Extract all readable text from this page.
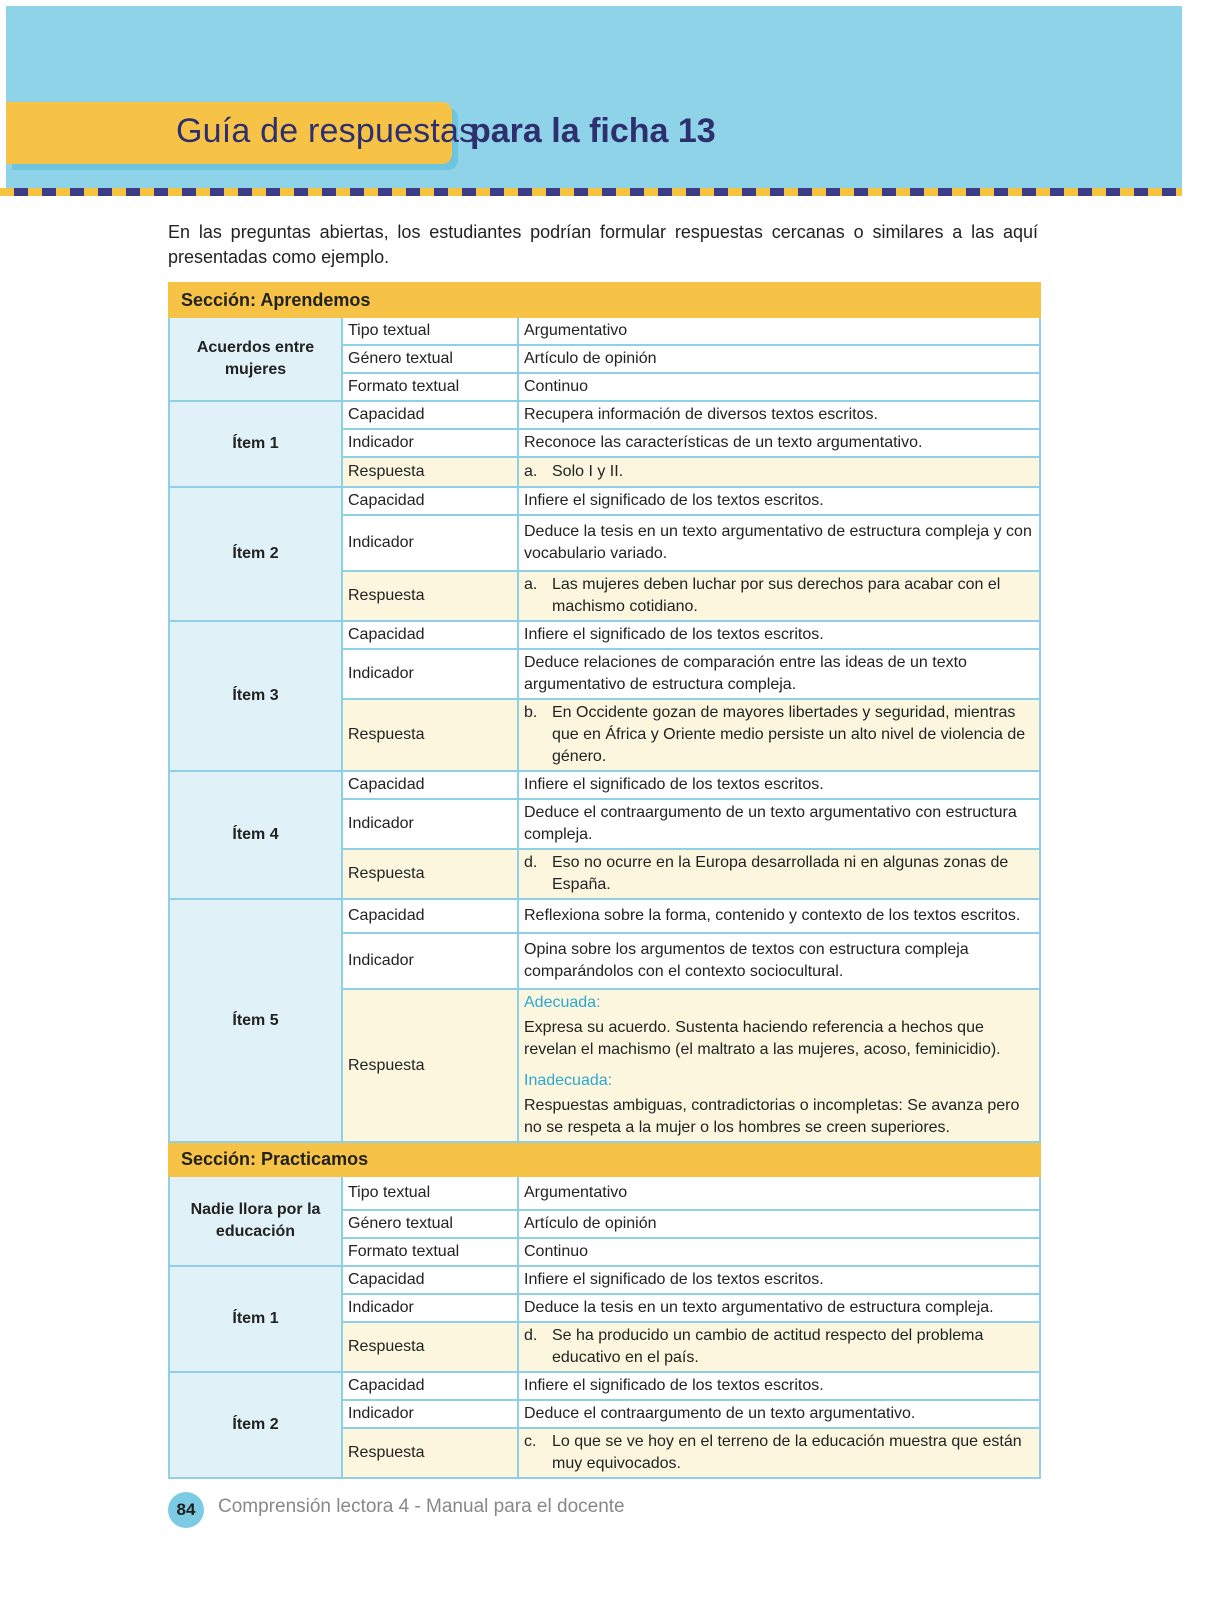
Guía de respuestas
para la ficha 13
En las preguntas abiertas, los estudiantes podrían formular respuestas cercanas o similares a las aquí presentadas como ejemplo.
Sección: Aprendemos		
Acuerdos entre mujeres	Tipo textual	Argumentativo
	Género textual	Artículo de opinión
	Formato textual	Continuo
Ítem 1	Capacidad	Recupera información de diversos textos escritos.
	Indicador	Reconoce las características de un texto argumentativo.
	Respuesta	a. Solo I y II.

Ítem 2	Capacidad	Infiere el significado de los textos escritos.
	Indicador	Deduce la tesis en un texto argumentativo de estructura compleja y con vocabulario variado.
	Respuesta	a. Las mujeres deben luchar por sus derechos para acabar con el machismo cotidiano.

Ítem 3	Capacidad	Infiere el significado de los textos escritos.
	Indicador	Deduce relaciones de comparación entre las ideas de un texto argumentativo de estructura compleja.
	Respuesta	b. En Occidente gozan de mayores libertades y seguridad, mientras que en África y Oriente medio persiste un alto nivel de violencia de género.

Ítem 4	Capacidad	Infiere el significado de los textos escritos.
	Indicador	Deduce el contraargumento de un texto argumentativo con estructura compleja.
	Respuesta	d. Eso no ocurre en la Europa desarrollada ni en algunas zonas de España.

Ítem 5	Capacidad	Reflexiona sobre la forma, contenido y contexto de los textos escritos.
	Indicador	Opina sobre los argumentos de textos con estructura compleja comparándolos con el contexto sociocultural.
	Respuesta	Adecuada:
Expresa su acuerdo. Sustenta haciendo referencia a hechos que revelan el machismo (el maltrato a las mujeres, acoso, feminicidio).
Inadecuada:
Respuestas ambiguas, contradictorias o incompletas: Se avanza pero no se respeta a la mujer o los hombres se creen superiores.

Sección: Practicamos		
Nadie llora por la educación	Tipo textual	Argumentativo
	Género textual	Artículo de opinión
	Formato textual	Continuo
Ítem 1	Capacidad	Infiere el significado de los textos escritos.
	Indicador	Deduce la tesis en un texto argumentativo de estructura compleja.
	Respuesta	d. Se ha producido un cambio de actitud respecto del problema educativo en el país.

Ítem 2	Capacidad	Infiere el significado de los textos escritos.
	Indicador	Deduce el contraargumento de un texto argumentativo.
	Respuesta	c. Lo que se ve hoy en el terreno de la educación muestra que están muy equivocados.
84	Comprensión lectora 4 - Manual para el docente
